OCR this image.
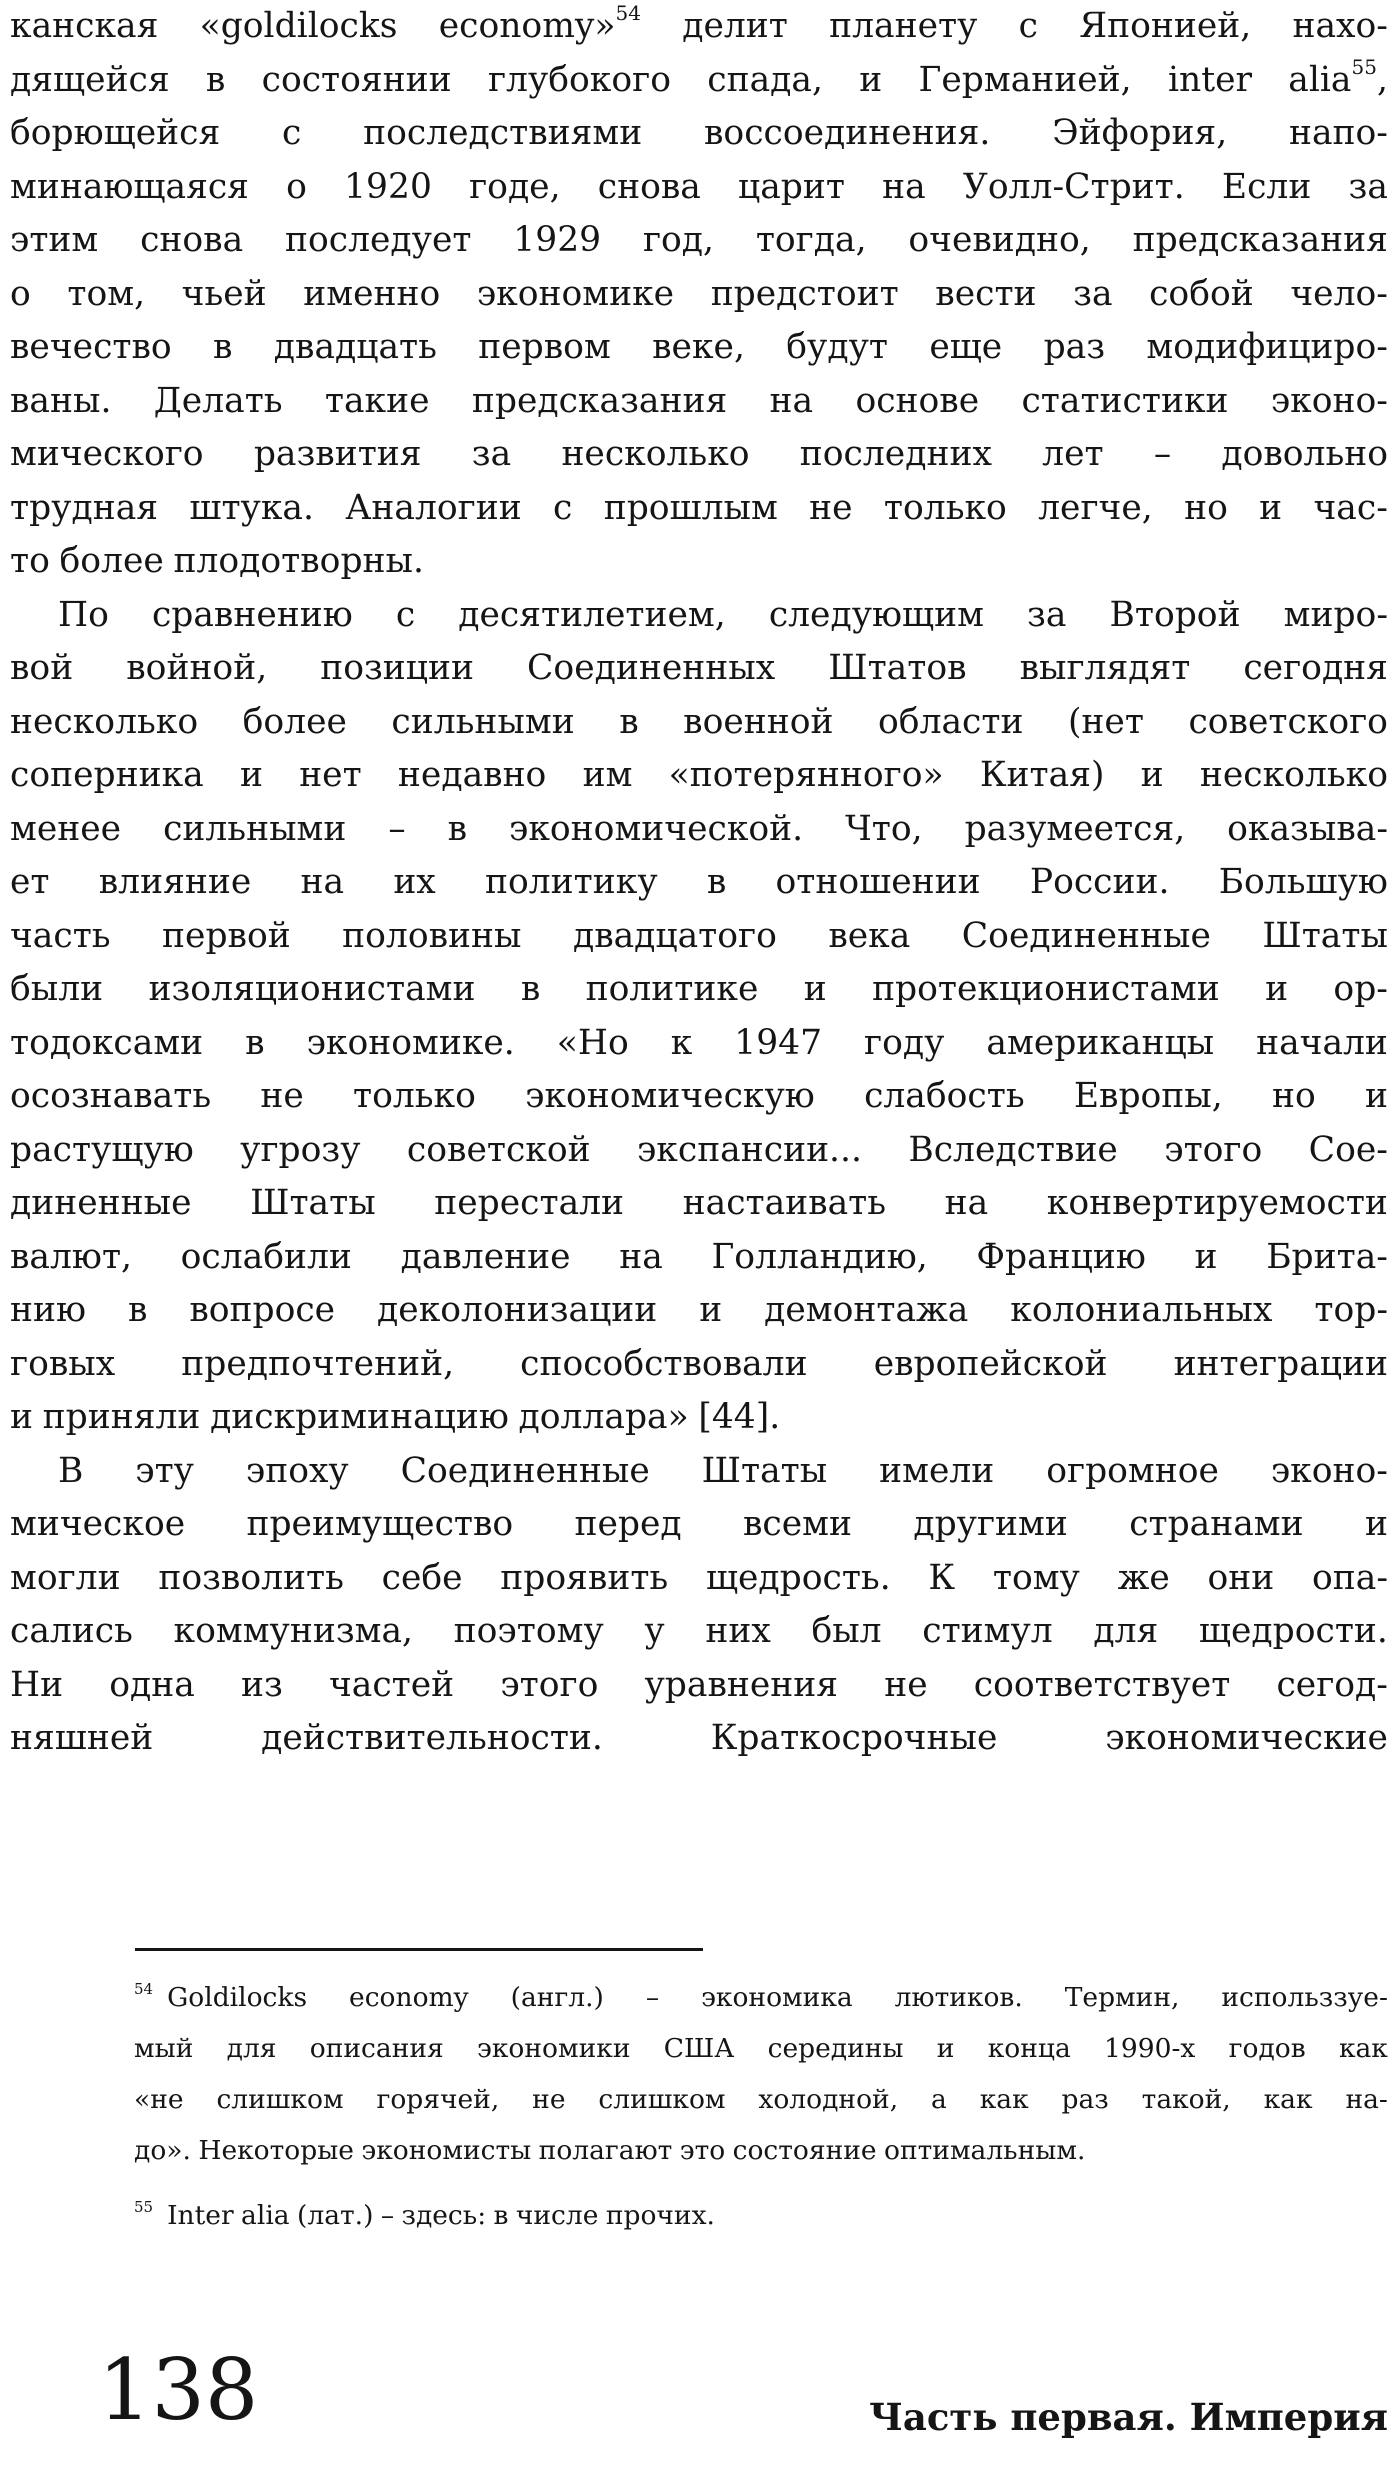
канская «goldilocks economy»$^{54}$ делит планету с Японией, нахо-
дящейся в состоянии глубокого спада, и Германией, inter alia$^{55}$,
борющейся с последствиями воссоединения. Эйфория, напо-
минающаяся о 1920 годе, снова царит на Уолл-Стрит. Если за
этим снова последует 1929 год, тогда, очевидно, предсказания
о том, чьей именно экономике предстоит вести за собой чело-
вечество в двадцать первом веке, будут еще раз модифициро-
ваны. Делать такие предсказания на основе статистики эконо-
мического развития за несколько последних лет – довольно
трудная штука. Аналогии с прошлым не только легче, но и час-
то более плодотворны.
По сравнению с десятилетием, следующим за Второй миро-
вой войной, позиции Соединенных Штатов выглядят сегодня
несколько более сильными в военной области (нет советского
соперника и нет недавно им «потерянного» Китая) и несколько
менее сильными – в экономической. Что, разумеется, оказыва-
ет влияние на их политику в отношении России. Большую
часть первой половины двадцатого века Соединенные Штаты
были изоляционистами в политике и протекционистами и ор-
тодоксами в экономике. «Но к 1947 году американцы начали
осознавать не только экономическую слабость Европы, но и
растущую угрозу советской экспансии... Вследствие этого Сое-
диненные Штаты перестали настаивать на конвертируемости
валют, ослабили давление на Голландию, Францию и Брита-
нию в вопросе деколонизации и демонтажа колониальных тор-
говых предпочтений, способствовали европейской интеграции
и приняли дискриминацию доллара» [44].
В эту эпоху Соединенные Штаты имели огромное эконо-
мическое преимущество перед всеми другими странами и
могли позволить себе проявить щедрость. К тому же они опа-
сались коммунизма, поэтому у них был стимул для щедрости.
Ни одна из частей этого уравнения не соответствует сегод-
няшней	действительности.	Краткосрочные	экономические
$^{54}$ Goldilocks economy (англ.) – экономика лютиков. Термин, использзуе-
мый для описания экономики США середины и конца 1990-х годов как
«не слишком горячей, не слишком холодной, а как раз такой, как на-
до». Некоторые экономисты полагают это состояние оптимальным.
$^{55}$ Inter alia (лат.) – здесь: в числе прочих.
138	Часть первая. Империя
